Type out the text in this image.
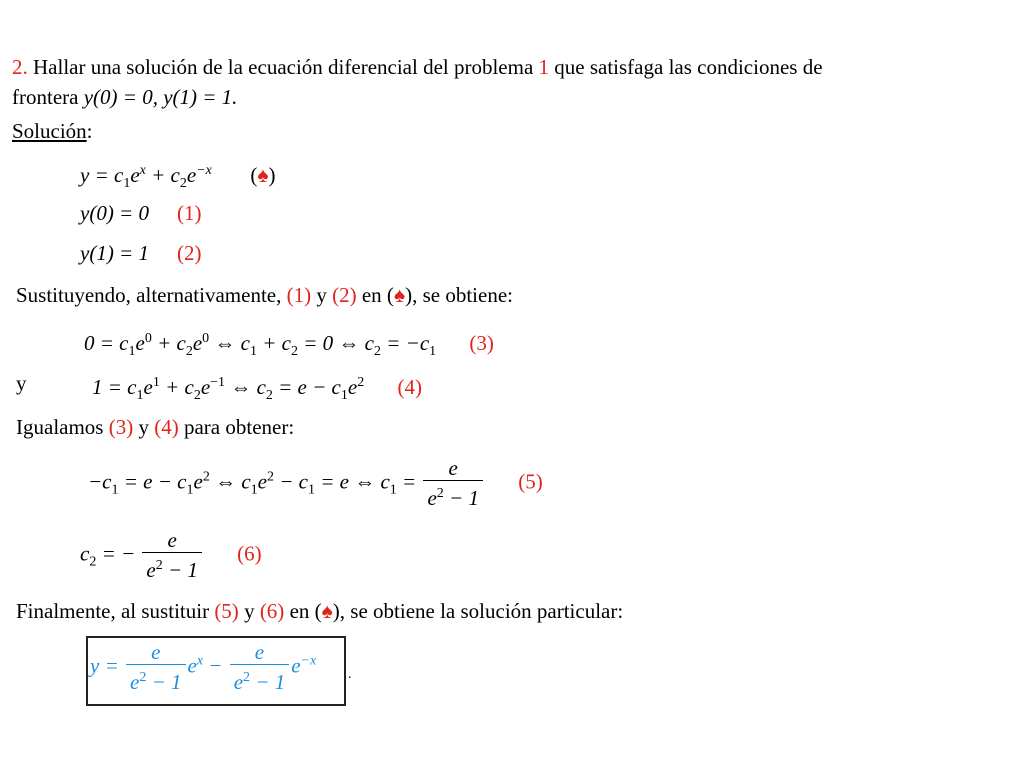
2. Hallar una solución de la ecuación diferencial del problema 1 que satisfaga las condiciones de
frontera y(0) = 0, y(1) = 1.
Solución:
$y = c_1e^x + c_2e^{-x}$ (♠)
y(0) = 0 (1)
y(1) = 1 (2)
Sustituyendo, alternativamente, (1) y (2) en (♠), se obtiene:
$0 = c_1e^0 + c_2e^0$ ⇔ $c_1 + c_2 = 0$ ⇔ $c_2 = -c_1$ (3)
y	$1 = c_1e^1 + c_2e^{-1}$ ⇔ $c_2 = e - c_1e^2$ (4)
Igualamos (3) y (4) para obtener:
$-c_1 = e - c_1e^2$ ⇔ $c_1e^2 - c_1 = e$ ⇔ $c_1 = \frac{e}{e^2 - 1} (5)$
$c_2$ = − $\frac{e}{e^2 - 1} (6)$
Finalmente, al sustituir (5) y (6) en (♠), se obtiene la solución particular:
$y = \frac{e}{e^2 - 1} e^x - \frac{e}{e^2 - 1} e^{-x}$
.
